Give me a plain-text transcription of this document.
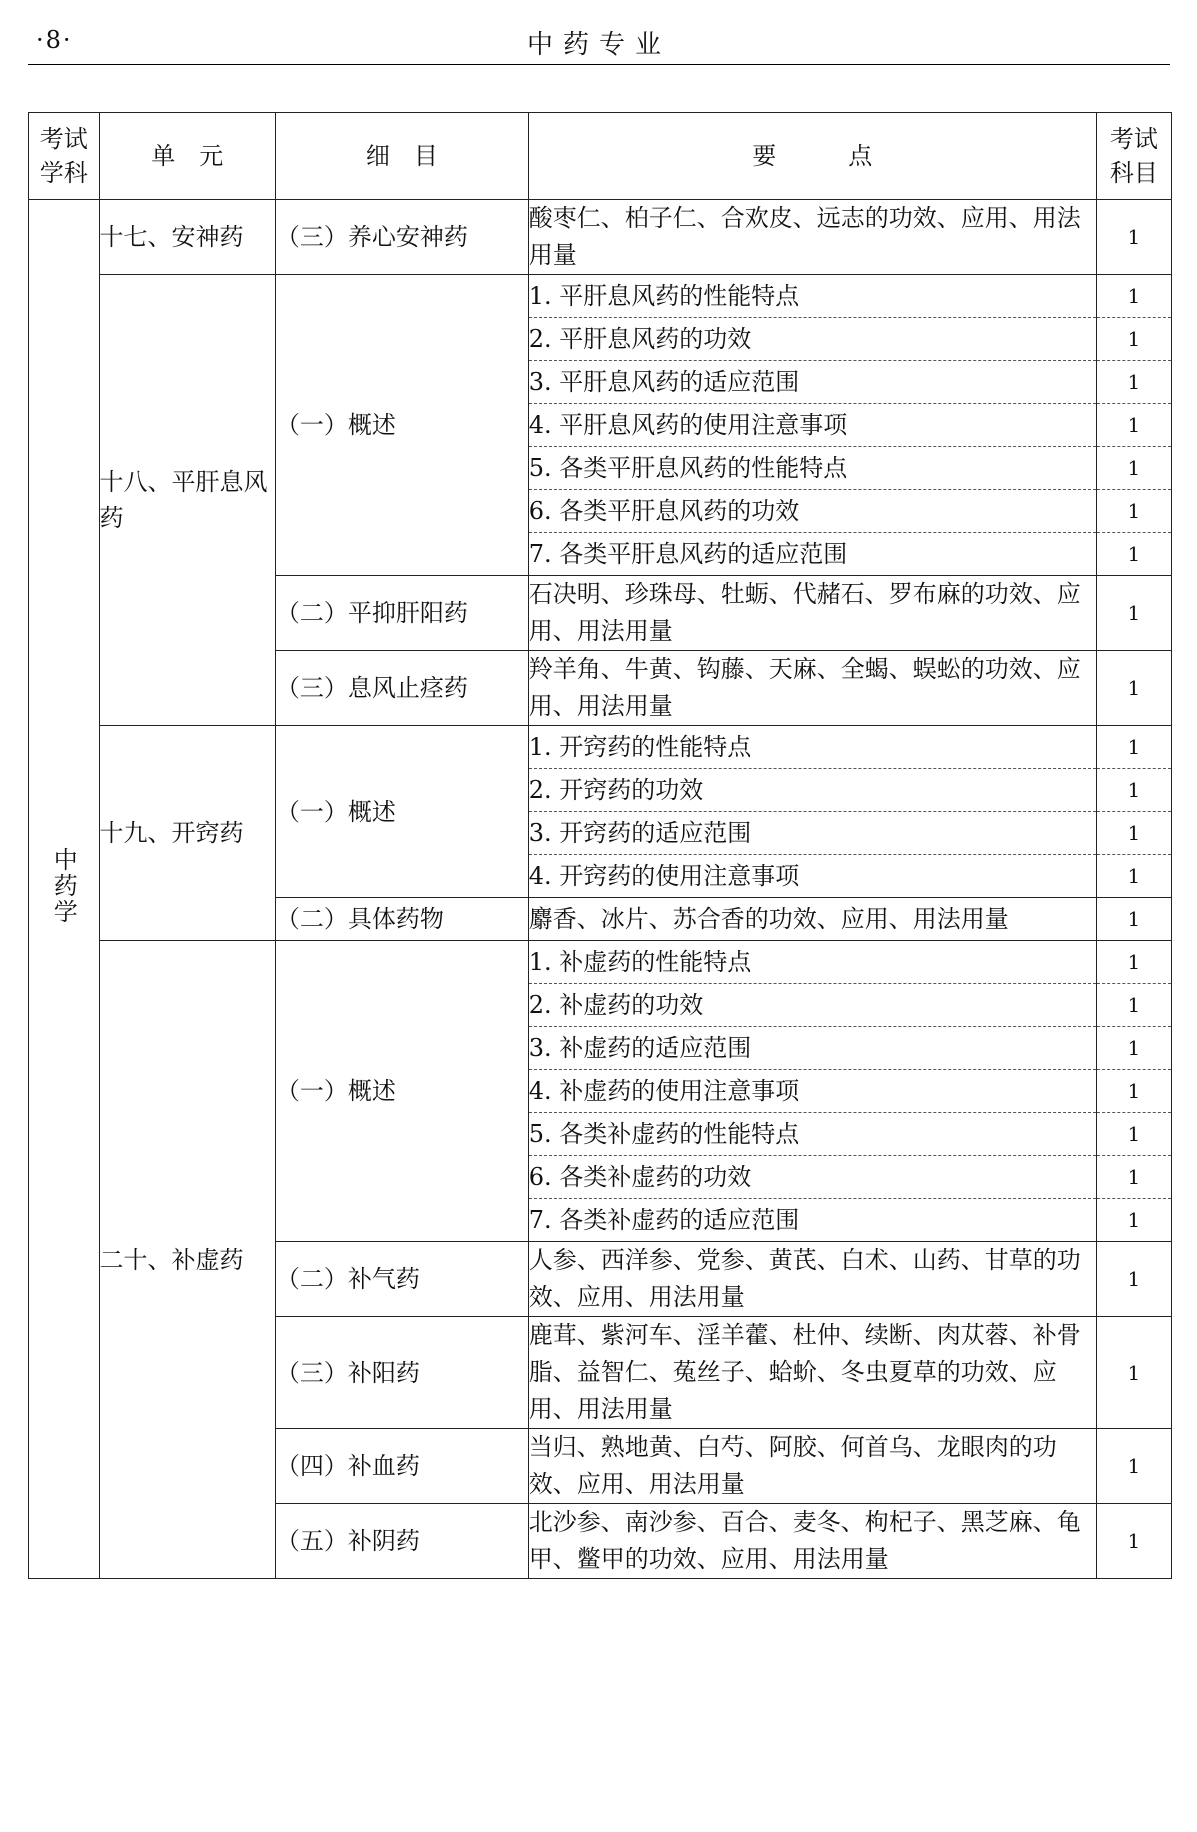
·8·	中药专业
考试
学科	单　元	细　目	要　　　点	考试
科目
中药学	十七、安神药	（三）养心安神药	酸枣仁、柏子仁、合欢皮、远志的功效、应用、用法用量	1
	十八、平肝息风药	（一）概述	1. 平肝息风药的性能特点	1
			2. 平肝息风药的功效	1
			3. 平肝息风药的适应范围	1
			4. 平肝息风药的使用注意事项	1
			5. 各类平肝息风药的性能特点	1
			6. 各类平肝息风药的功效	1
			7. 各类平肝息风药的适应范围	1
		（二）平抑肝阳药	石决明、珍珠母、牡蛎、代赭石、罗布麻的功效、应用、用法用量	1
		（三）息风止痉药	羚羊角、牛黄、钩藤、天麻、全蝎、蜈蚣的功效、应用、用法用量	1
	十九、开窍药	（一）概述	1. 开窍药的性能特点	1
			2. 开窍药的功效	1
			3. 开窍药的适应范围	1
			4. 开窍药的使用注意事项	1
		（二）具体药物	麝香、冰片、苏合香的功效、应用、用法用量	1
	二十、补虚药	（一）概述	1. 补虚药的性能特点	1
			2. 补虚药的功效	1
			3. 补虚药的适应范围	1
			4. 补虚药的使用注意事项	1
			5. 各类补虚药的性能特点	1
			6. 各类补虚药的功效	1
			7. 各类补虚药的适应范围	1
		（二）补气药	人参、西洋参、党参、黄芪、白术、山药、甘草的功效、应用、用法用量	1
		（三）补阳药	鹿茸、紫河车、淫羊藿、杜仲、续断、肉苁蓉、补骨脂、益智仁、菟丝子、蛤蚧、冬虫夏草的功效、应用、用法用量	1
		（四）补血药	当归、熟地黄、白芍、阿胶、何首乌、龙眼肉的功效、应用、用法用量	1
		（五）补阴药	北沙参、南沙参、百合、麦冬、枸杞子、黑芝麻、龟甲、鳖甲的功效、应用、用法用量	1
